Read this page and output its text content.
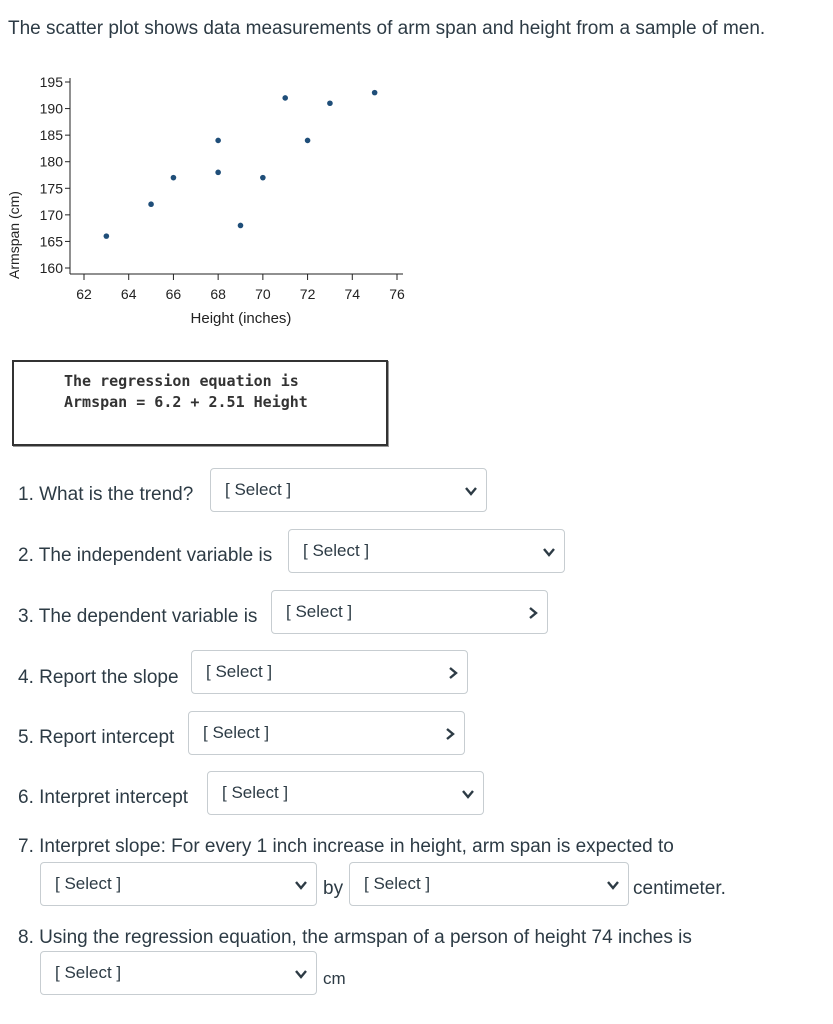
The scatter plot shows data measurements of arm span and height from a sample of men.
160
165
170
175
180
185
190
195
62 64 66 68 70 72 74 76
Height (inches)
Armspan (cm)
The regression equation is
Armspan = 6.2 + 2.51 Height
1. What is the trend? [ Select ]
2. The independent variable is [ Select ]
3. The dependent variable is [ Select ]
4. Report the slope [ Select ]
5. Report intercept [ Select ]
6. Interpret intercept [ Select ]
7. Interpret slope: For every 1 inch increase in height, arm span is expected to
[ Select ]	by [ Select ]	centimeter.
8. Using the regression equation, the armspan of a person of height 74 inches is
[ Select ]	cm
